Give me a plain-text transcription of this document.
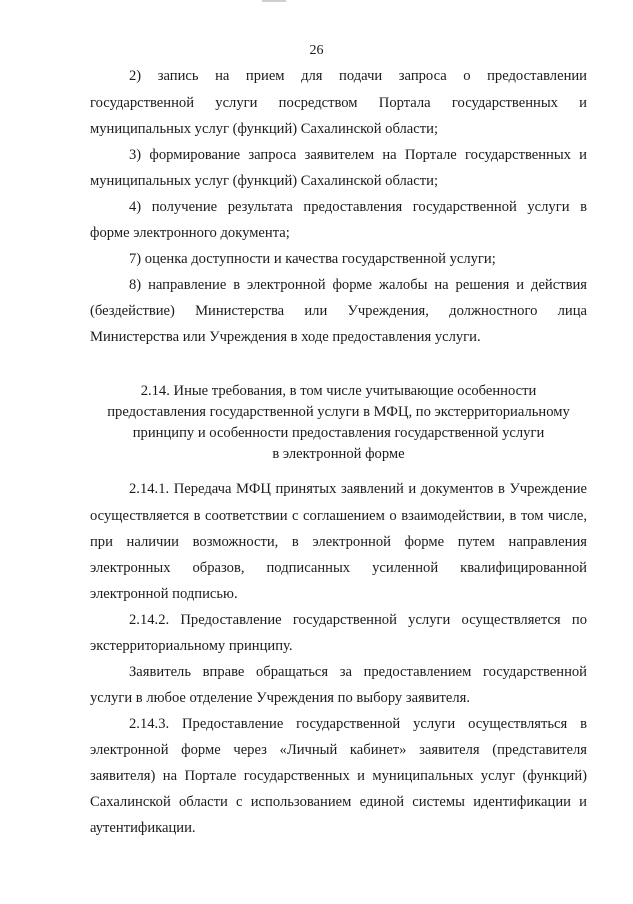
26

2) запись на прием для подачи запроса о предоставлении

государственной услуги посредством Портала государственных и

муниципальных услуг (функций) Сахалинской области;

3) формирование запроса заявителем на Портале государственных и

муниципальных услуг (функций) Сахалинской области;

4) получение результата предоставления государственной услуги в

форме электронного документа;

7) оценка доступности и качества государственной услуги;

8) направление в электронной форме жалобы на решения и действия

(бездействие) Министерства или Учреждения, должностного лица

Министерства или Учреждения в ходе предоставления услуги.

2.14. Иные требования, в том числе учитывающие особенности
предоставления государственной услуги в МФЦ, по экстерриториальному
принципу и особенности предоставления государственной услуги
в электронной форме

2.14.1. Передача МФЦ принятых заявлений и документов в Учреждение

осуществляется в соответствии с соглашением о взаимодействии, в том числе,

при наличии возможности, в электронной форме путем направления

электронных образов, подписанных усиленной квалифицированной

электронной подписью.

2.14.2. Предоставление государственной услуги осуществляется по

экстерриториальному принципу.

Заявитель вправе обращаться за предоставлением государственной

услуги в любое отделение Учреждения по выбору заявителя.

2.14.3. Предоставление государственной услуги осуществляться в

электронной форме через «Личный кабинет» заявителя (представителя

заявителя) на Портале государственных и муниципальных услуг (функций)

Сахалинской области с использованием единой системы идентификации и

аутентификации.
